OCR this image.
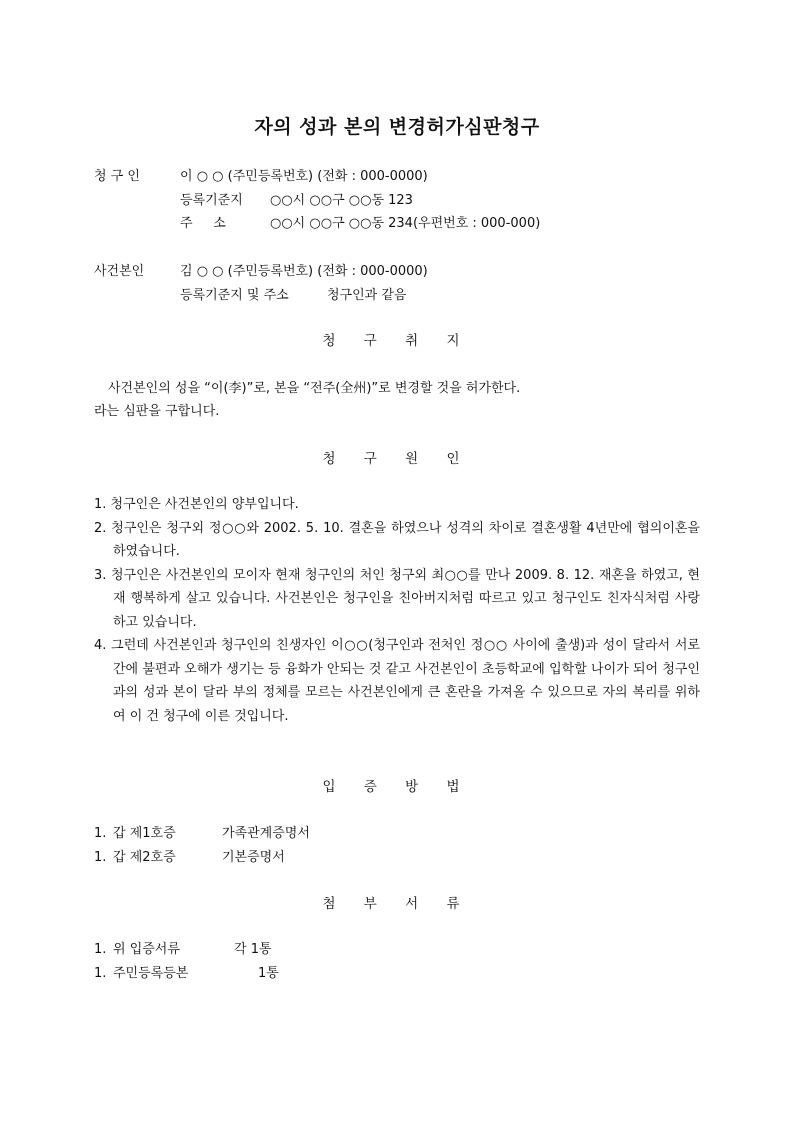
자의 성과 본의 변경허가심판청구
청 구 인	이 ○ ○ (주민등록번호) (전화 : 000-0000)
등록기준지 ○○시 ○○구 ○○동 123
주     소	○○시 ○○구 ○○동 234(우편번호 : 000-000)
사건본인	김 ○ ○ (주민등록번호) (전화 : 000-0000)
등록기준지 및 주소	청구인과 같음
청 구 취 지
사건본인의 성을 “이(李)”로, 본을 “전주(全州)”로 변경할 것을 허가한다.
라는 심판을 구합니다.
청 구 원 인

1. 청구인은 사건본인의 양부입니다.

2. 청구인은 청구외 정○○와 2002. 5. 10. 결혼을 하였으나 성격의 차이로 결혼생활 4년만에 협의이혼을 하였습니다.

3. 청구인은 사건본인의 모이자 현재 청구인의 처인 청구외 최○○를 만나 2009. 8. 12. 재혼을 하였고, 현재 행복하게 살고 있습니다. 사건본인은 청구인을 친아버지처럼 따르고 있고 청구인도 친자식처럼 사랑하고 있습니다.

4. 그런데 사건본인과 청구인의 친생자인 이○○(청구인과 전처인 정○○ 사이에 출생)과 성이 달라서 서로간에 불편과 오해가 생기는 등 융화가 안되는 것 같고 사건본인이 초등학교에 입학할 나이가 되어 청구인과의 성과 본이 달라 부의 정체를 모르는 사건본인에게 큰 혼란을 가져올 수 있으므로 자의 복리를 위하여 이 건 청구에 이른 것입니다.

입 증 방 법
1. 갑 제1호증	가족관계증명서
1. 갑 제2호증	기본증명서
첨 부 서 류
1. 위 입증서류	각 1통
1. 주민등록등본	1통
